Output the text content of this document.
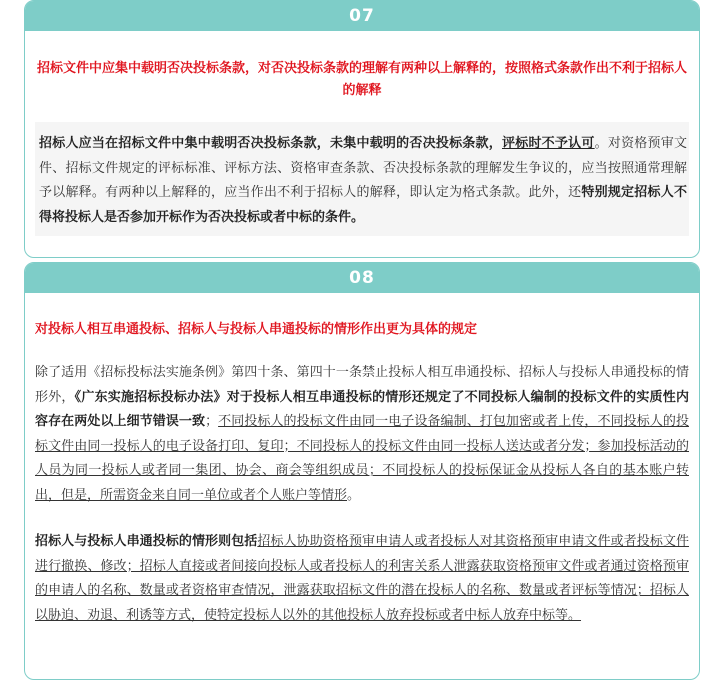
07
招标文件中应集中载明否决投标条款，对否决投标条款的理解有两种以上解释的，按照格式条款作出不利于招标人的解释
招标人应当在招标文件中集中载明否决投标条款，未集中载明的否决投标条款，评标时不予认可。对资格预审文件、招标文件规定的评标标准、评标方法、资格审查条款、否决投标条款的理解发生争议的，应当按照通常理解予以解释。有两种以上解释的，应当作出不利于招标人的解释，即认定为格式条款。此外，还特别规定招标人不得将投标人是否参加开标作为否决投标或者中标的条件。
08
对投标人相互串通投标、招标人与投标人串通投标的情形作出更为具体的规定
除了适用《招标投标法实施条例》第四十条、第四十一条禁止投标人相互串通投标、招标人与投标人串通投标的情形外，《广东实施招标投标办法》对于投标人相互串通投标的情形还规定了不同投标人编制的投标文件的实质性内容存在两处以上细节错误一致；不同投标人的投标文件由同一电子设备编制、打包加密或者上传，不同投标人的投标文件由同一投标人的电子设备打印、复印；不同投标人的投标文件由同一投标人送达或者分发；参加投标活动的人员为同一投标人或者同一集团、协会、商会等组织成员；不同投标人的投标保证金从投标人各自的基本账户转出，但是，所需资金来自同一单位或者个人账户等情形。
招标人与投标人串通投标的情形则包括招标人协助资格预审申请人或者投标人对其资格预审申请文件或者投标文件进行撤换、修改；招标人直接或者间接向投标人或者投标人的利害关系人泄露获取资格预审文件或者通过资格预审的申请人的名称、数量或者资格审查情况，泄露获取招标文件的潜在投标人的名称、数量或者评标等情况；招标人以胁迫、劝退、利诱等方式，使特定投标人以外的其他投标人放弃投标或者中标人放弃中标等。
